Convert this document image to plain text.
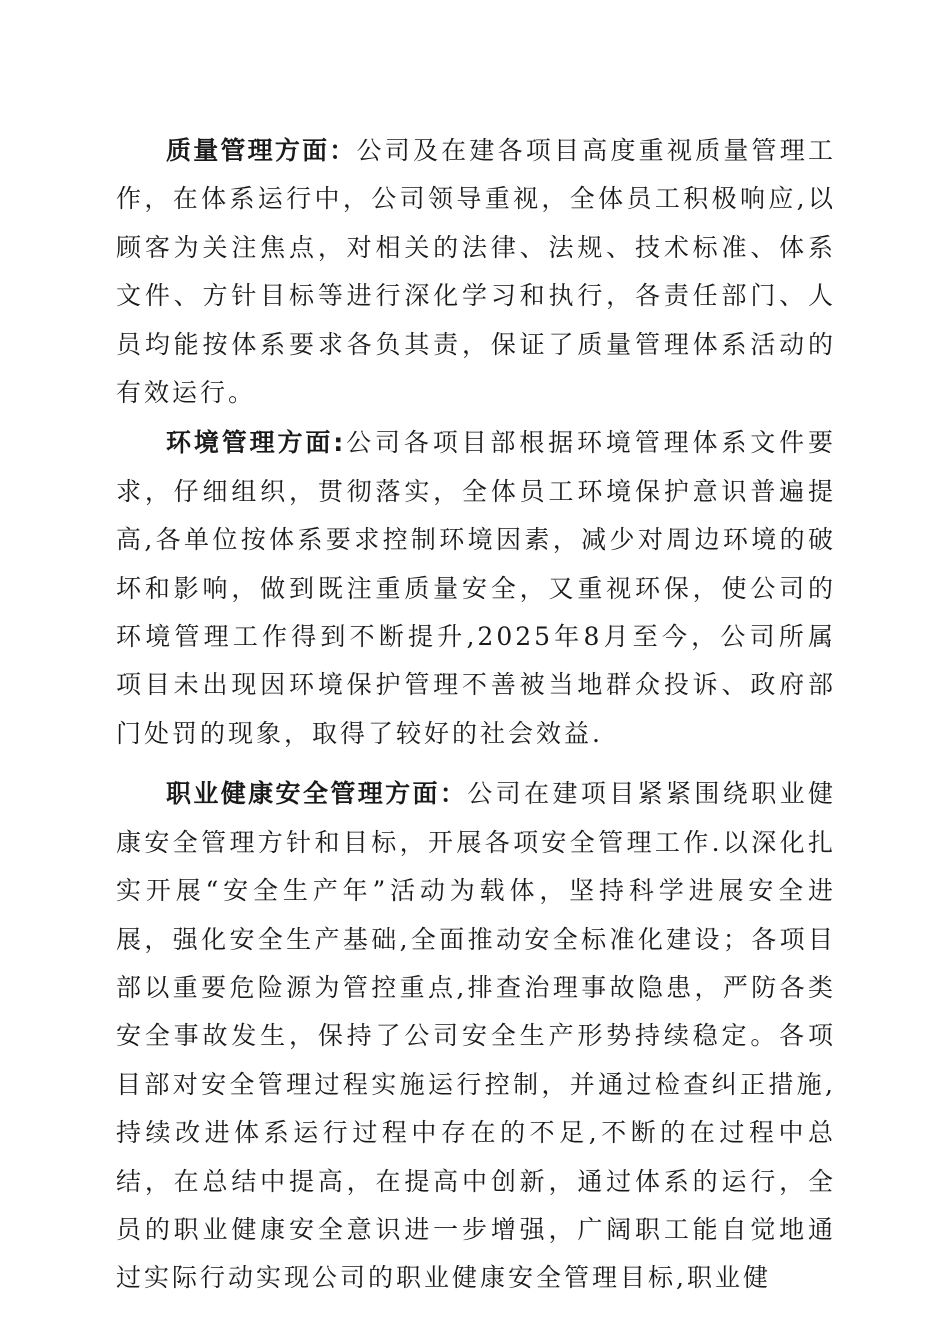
质量管理方面：公司及在建各项目高度重视质量管理工作，在体系运行中，公司领导重视，全体员工积极响应,以顾客为关注焦点，对相关的法律、法规、技术标准、体系文件、方针目标等进行深化学习和执行，各责任部门、人员均能按体系要求各负其责，保证了质量管理体系活动的有效运行。

环境管理方面:公司各项目部根据环境管理体系文件要求，仔细组织，贯彻落实，全体员工环境保护意识普遍提高,各单位按体系要求控制环境因素，减少对周边环境的破坏和影响，做到既注重质量安全，又重视环保，使公司的环境管理工作得到不断提升,2025年8月至今，公司所属项目未出现因环境保护管理不善被当地群众投诉、政府部门处罚的现象，取得了较好的社会效益.

职业健康安全管理方面：公司在建项目紧紧围绕职业健康安全管理方针和目标，开展各项安全管理工作.以深化扎实开展“安全生产年”活动为载体，坚持科学进展安全进展，强化安全生产基础,全面推动安全标准化建设；各项目部以重要危险源为管控重点,排查治理事故隐患，严防各类安全事故发生，保持了公司安全生产形势持续稳定。各项目部对安全管理过程实施运行控制，并通过检查纠正措施,持续改进体系运行过程中存在的不足,不断的在过程中总结，在总结中提高，在提高中创新，通过体系的运行，全员的职业健康安全意识进一步增强，广阔职工能自觉地通过实际行动实现公司的职业健康安全管理目标,职业健
